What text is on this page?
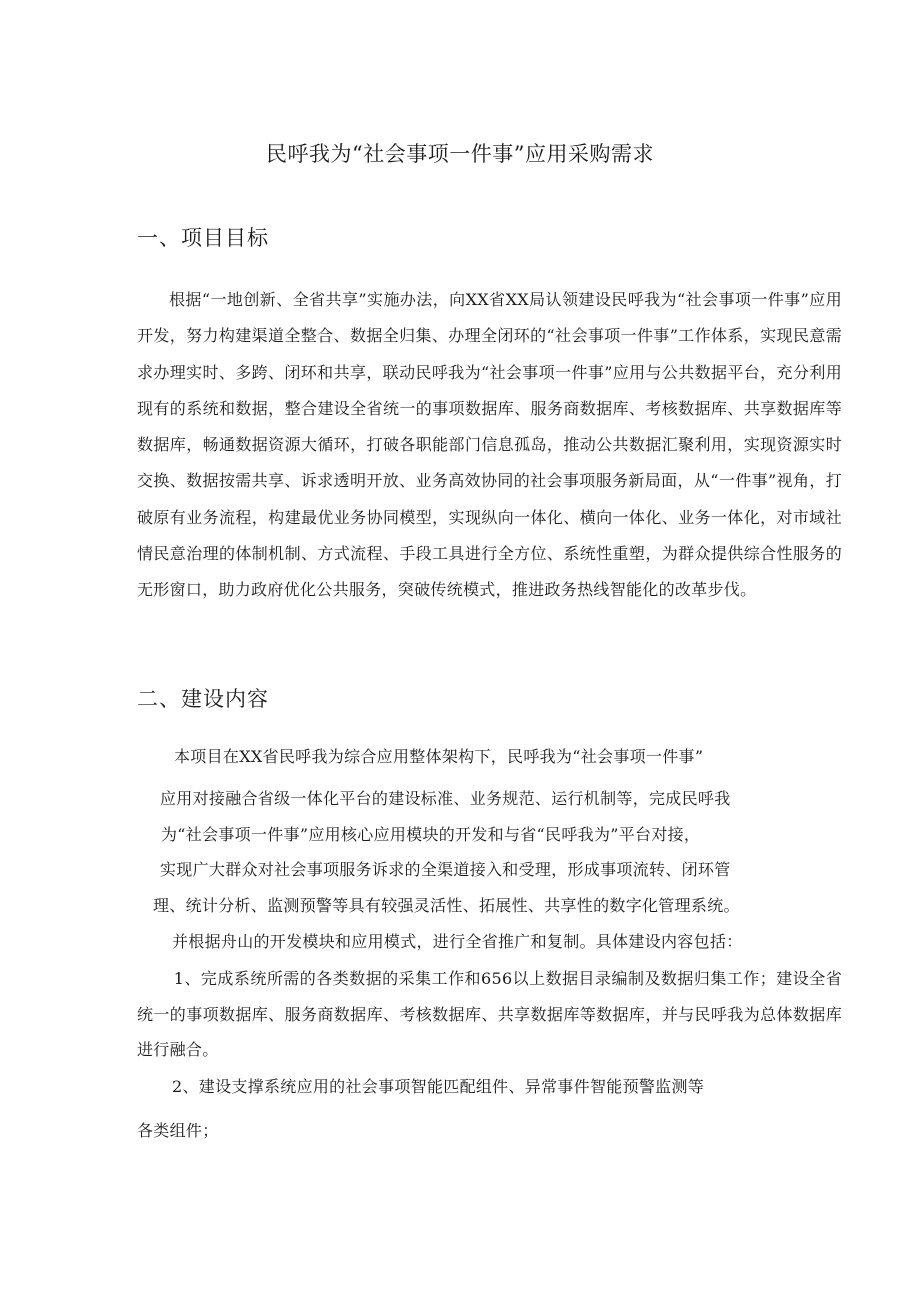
民呼我为“社会事项一件事”应用采购需求
一、项目目标
根据“一地创新、全省共享”实施办法，向XX省XX局认领建设民呼我为“社会事项一件事”应用开发，努力构建渠道全整合、数据全归集、办理全闭环的“社会事项一件事”工作体系，实现民意需求办理实时、多跨、闭环和共享，联动民呼我为“社会事项一件事”应用与公共数据平台，充分利用现有的系统和数据，整合建设全省统一的事项数据库、服务商数据库、考核数据库、共享数据库等数据库，畅通数据资源大循环，打破各职能部门信息孤岛，推动公共数据汇聚利用，实现资源实时交换、数据按需共享、诉求透明开放、业务高效协同的社会事项服务新局面，从“一件事”视角，打破原有业务流程，构建最优业务协同模型，实现纵向一体化、横向一体化、业务一体化，对市域社情民意治理的体制机制、方式流程、手段工具进行全方位、系统性重塑，为群众提供综合性服务的无形窗口，助力政府优化公共服务，突破传统模式，推进政务热线智能化的改革步伐。
二、建设内容
本项目在XX省民呼我为综合应用整体架构下，民呼我为“社会事项一件事”
应用对接融合省级一体化平台的建设标准、业务规范、运行机制等，完成民呼我
为“社会事项一件事”应用核心应用模块的开发和与省“民呼我为”平台对接，
实现广大群众对社会事项服务诉求的全渠道接入和受理，形成事项流转、闭环管
理、统计分析、监测预警等具有较强灵活性、拓展性、共享性的数字化管理系统。
并根据舟山的开发模块和应用模式，进行全省推广和复制。具体建设内容包括：
1、完成系统所需的各类数据的采集工作和656以上数据目录编制及数据归集工作；建设全省统一的事项数据库、服务商数据库、考核数据库、共享数据库等数据库，并与民呼我为总体数据库进行融合。
2、建设支撑系统应用的社会事项智能匹配组件、异常事件智能预警监测等
各类组件；
